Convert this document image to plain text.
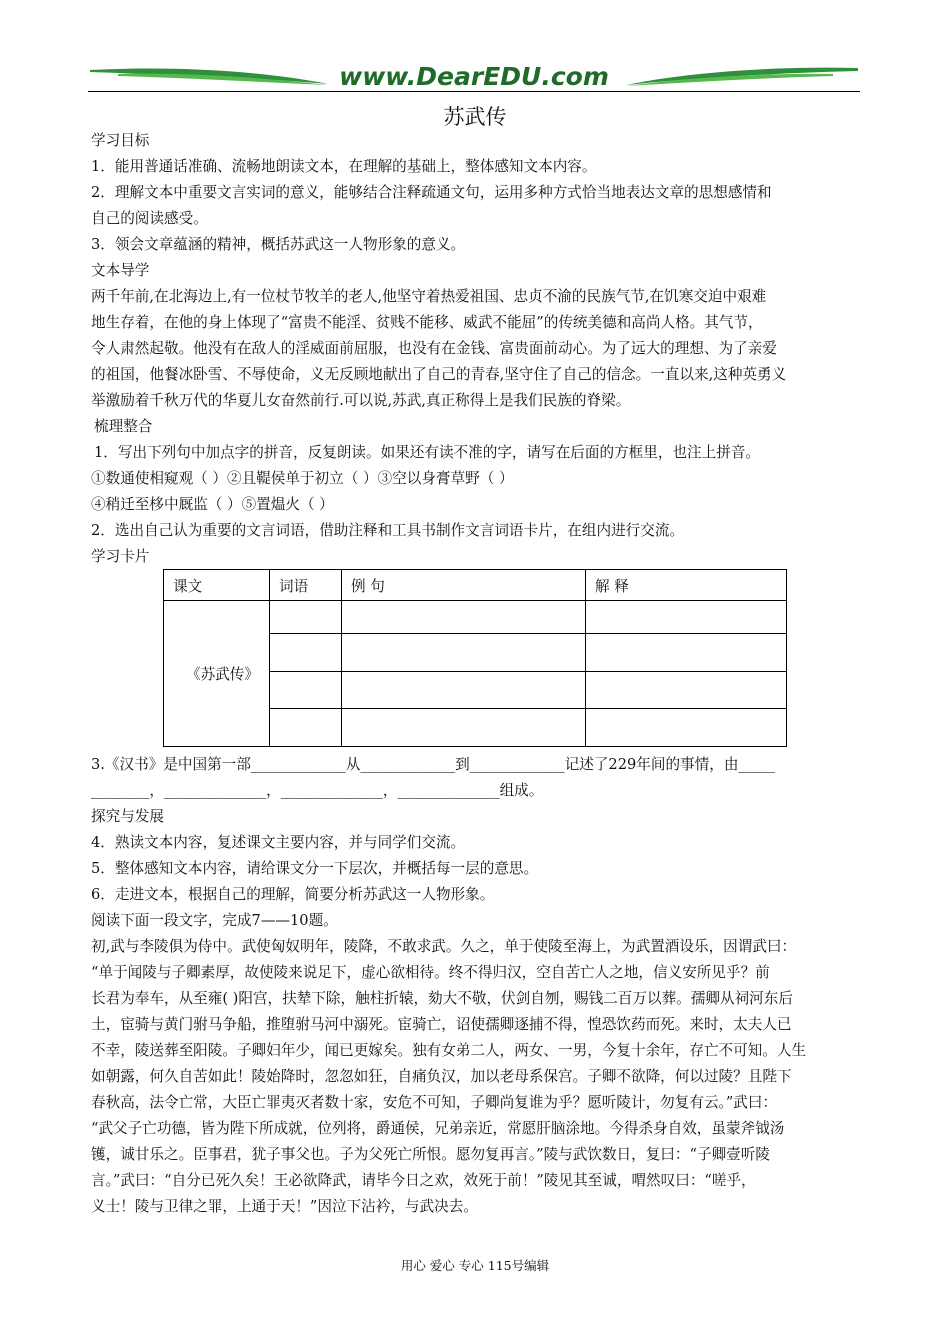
www.DearEDU.com
苏武传

学习目标

1．能用普通话准确、流畅地朗读文本，在理解的基础上，整体感知文本内容。

2．理解文本中重要文言实词的意义，能够结合注释疏通文句，运用多种方式恰当地表达文章的思想感情和

自己的阅读感受。

3．领会文章蕴涵的精神，概括苏武这一人物形象的意义。

文本导学

两千年前,在北海边上,有一位杖节牧羊的老人,他坚守着热爱祖国、忠贞不渝的民族气节,在饥寒交迫中艰难

地生存着，在他的身上体现了“富贵不能淫、贫贱不能移、威武不能屈”的传统美德和高尚人格。其气节，

令人肃然起敬。他没有在敌人的淫威面前屈服，也没有在金钱、富贵面前动心。为了远大的理想、为了亲爱

的祖国，他餐冰卧雪、不辱使命，义无反顾地献出了自己的青春,坚守住了自己的信念。一直以来,这种英勇义

举激励着千秋万代的华夏儿女奋然前行.可以说,苏武,真正称得上是我们民族的脊梁。

梳理整合

1．写出下列句中加点字的拼音，反复朗读。如果还有读不准的字，请写在后面的方框里，也注上拼音。

①数通使相窥观（ ）②且鞮侯单于初立（ ）③空以身膏草野（ ）

④稍迁至栘中厩监（ ）⑤置煴火（ ）

2．选出自己认为重要的文言词语，借助注释和工具书制作文言词语卡片，在组内进行交流。

学习卡片

3.《汉书》是中国第一部_____________从_____________到_____________记述了229年间的事情，由_____

________，______________，______________，______________组成。

探究与发展

4．熟读文本内容，复述课文主要内容，并与同学们交流。

5．整体感知文本内容，请给课文分一下层次，并概括每一层的意思。

6．走进文本，根据自己的理解，简要分析苏武这一人物形象。

阅读下面一段文字，完成7——10题。

初,武与李陵俱为侍中。武使匈奴明年，陵降，不敢求武。久之，单于使陵至海上，为武置酒设乐，因谓武曰：

“单于闻陵与子卿素厚，故使陵来说足下，虚心欲相待。终不得归汉，空自苦亡人之地，信义安所见乎？前

长君为奉车，从至雍( )阳宫，扶辇下除，触柱折辕，劾大不敬，伏剑自刎，赐钱二百万以葬。孺卿从祠河东后

土，宦骑与黄门驸马争船，推堕驸马河中溺死。宦骑亡，诏使孺卿逐捕不得，惶恐饮药而死。来时，太夫人已

不幸，陵送葬至阳陵。子卿妇年少，闻已更嫁矣。独有女弟二人，两女、一男，今复十余年，存亡不可知。人生

如朝露，何久自苦如此！陵始降时，忽忽如狂，自痛负汉，加以老母系保宫。子卿不欲降，何以过陵？且陛下

春秋高，法令亡常，大臣亡罪夷灭者数十家，安危不可知，子卿尚复谁为乎？愿听陵计，勿复有云。”武曰：

“武父子亡功德，皆为陛下所成就，位列将，爵通侯，兄弟亲近，常愿肝脑涂地。今得杀身自效，虽蒙斧钺汤

镬，诚甘乐之。臣事君，犹子事父也。子为父死亡所恨。愿勿复再言。”陵与武饮数日，复曰：“子卿壹听陵

言。”武曰：“自分已死久矣！王必欲降武，请毕今日之欢，效死于前！”陵见其至诚，喟然叹曰：“嗟乎，

义士！陵与卫律之罪，上通于天！”因泣下沾衿，与武决去。

课文	词语	例 句	解 释
《苏武传》			

用心 爱心 专心 115号编辑
